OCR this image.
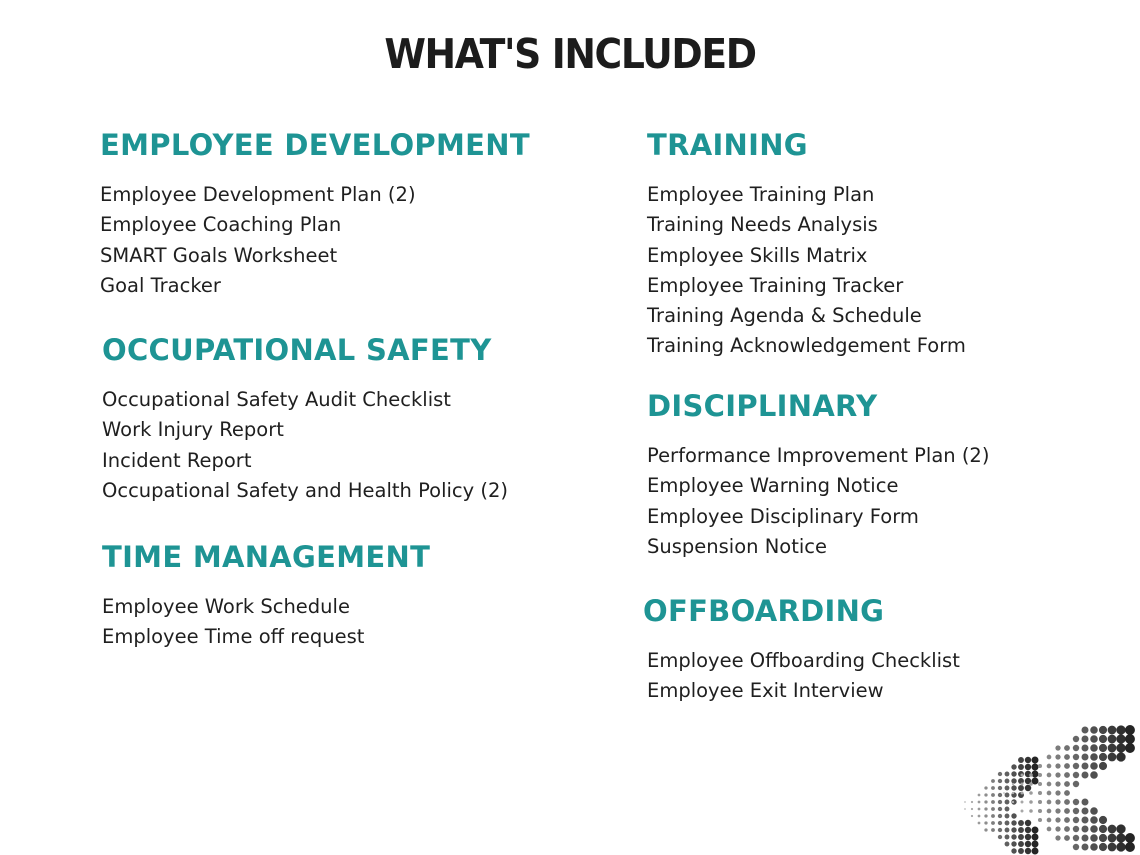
WHAT'S INCLUDED
EMPLOYEE DEVELOPMENT
Employee Development Plan (2)
Employee Coaching Plan
SMART Goals Worksheet
Goal Tracker
OCCUPATIONAL SAFETY
Occupational Safety Audit Checklist
Work Injury Report
Incident Report
Occupational Safety and Health Policy (2)
TIME MANAGEMENT
Employee Work Schedule
Employee Time off request
TRAINING
Employee Training Plan
Training Needs Analysis
Employee Skills Matrix
Employee Training Tracker
Training Agenda & Schedule
Training Acknowledgement Form
DISCIPLINARY
Performance Improvement Plan (2)
Employee Warning Notice
Employee Disciplinary Form
Suspension Notice
OFFBOARDING
Employee Offboarding Checklist
Employee Exit Interview
